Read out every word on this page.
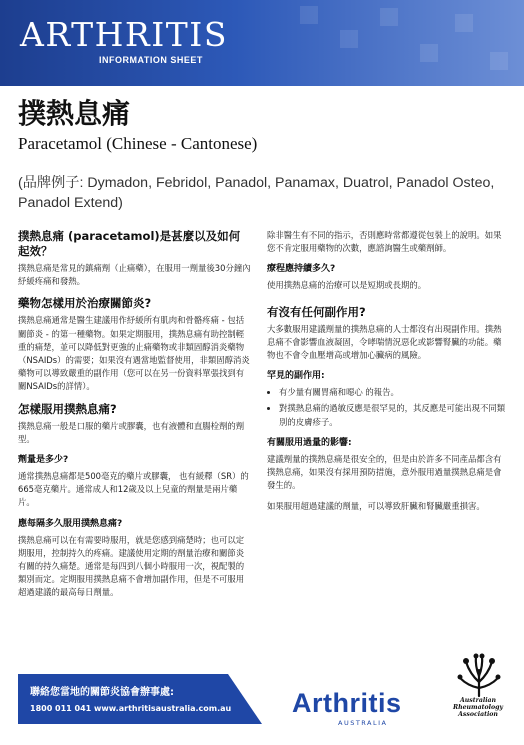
ARTHRITIS
INFORMATION SHEET
撲熱息痛
Paracetamol (Chinese - Cantonese)
(品牌例子: Dymadon, Febridol, Panadol, Panamax, Duatrol, Panadol Osteo, Panadol Extend)
撲熱息痛 (paracetamol)是甚麼以及如何起效？

撲熱息痛是常見的鎮痛劑（止痛藥），在服用一劑量後30分鐘內紓緩疼痛和發熱。

藥物怎樣用於治療關節炎?

撲熱息痛通常是醫生建議用作紓緩所有肌肉和骨骼疼痛 - 包括關節炎 - 的第一種藥物。如果定期服用，撲熱息痛有助控制輕重的痛楚，並可以降低對更強的止痛藥物或非類固醇消炎藥物（NSAIDs）的需要；如果沒有遇當地監督使用，非類固醇消炎藥物可以導致嚴重的副作用（您可以在另一份資料單張找到有關NSAIDs的詳情）。

怎樣服用撲熱息痛?

撲熱息痛一般是口服的藥片或膠囊，也有液體和直腸栓劑的劑型。

劑量是多少?

通常撲熱息痛都是500毫克的藥片或膠囊， 也有緩釋（SR）的665毫克藥片。通常成人和12歲及以上兒童的劑量是兩片藥片。

應每隔多久服用撲熱息痛?

撲熱息痛可以在有需要時服用，就是您感到痛楚時；也可以定期服用，控制持久的疼痛。建議使用定期的劑量治療和關節炎有關的持久痛楚。通常是每四到八個小時服用一次，視配製的類別而定。定期服用撲熱息痛不會增加副作用，但是不可服用超過建議的最高每日劑量。

除非醫生有不同的指示，否則應時常都遵從包裝上的說明。如果您不肯定服用藥物的次數，應諮詢醫生或藥劑師。

療程應持續多久?

使用撲熱息痛的治療可以是短期或長期的。

有沒有任何副作用?

大多數服用建議劑量的撲熱息痛的人士都沒有出現副作用。撲熱息痛不會影響血液凝固，令哮喘情況惡化或影響腎臟的功能。藥物也不會令血壓增高或增加心臟病的風險。

罕見的副作用:
• 有少量有關胃痛和噁心 的報告。
• 對撲熱息痛的過敏反應是很罕見的，其反應是可能出現不同類別的皮膚疹子。
有關服用過量的影響:

建議劑量的撲熱息痛是很安全的，但是由於許多不同產品都含有撲熱息痛，如果沒有採用預防措施，意外服用過量撲熱息痛是會發生的。

如果服用超過建議的劑量，可以導致肝臟和腎臟嚴重損害。

聯絡您當地的關節炎協會辦事處:
1800 011 041 www.arthritisaustralia.com.au Arthritis
AUSTRALIA
Australian
Rheumatology
Association
